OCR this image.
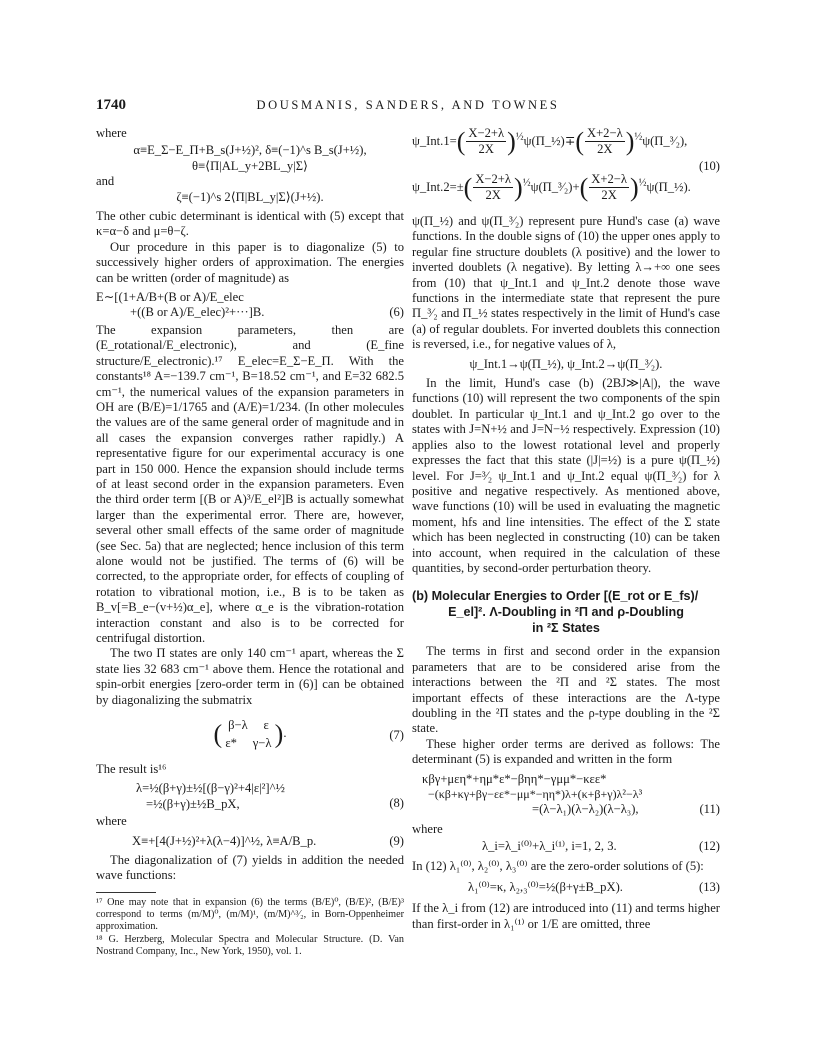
1740	DOUSMANIS, SANDERS, AND TOWNES

where

α≡E_Σ−E_Π+B_s(J+½)², δ≡(−1)^s B_s(J+½),

θ≡⟨Π|AL_y+2BL_y|Σ⟩

and

ζ≡(−1)^s 2⟨Π|BL_y|Σ⟩(J+½).

The other cubic determinant is identical with (5) except that κ=α−δ and μ=θ−ζ.

Our procedure in this paper is to diagonalize (5) to successively higher orders of approximation. The energies can be written (order of magnitude) as

E∼[(1+A/B+(B or A)/E_elec
+((B or A)/E_elec)²+···]B.	(6)

The expansion parameters, then are (E_rotational/E_electronic), and (E_fine structure/E_electronic).¹⁷ E_elec=E_Σ−E_Π. With the constants¹⁸ A=−139.7 cm⁻¹, B=18.52 cm⁻¹, and E=32 682.5 cm⁻¹, the numerical values of the expansion parameters in OH are (B/E)=1/1765 and (A/E)=1/234. (In other molecules the values are of the same general order of magnitude and in all cases the expansion converges rather rapidly.) A representative figure for our experimental accuracy is one part in 150 000. Hence the expansion should include terms of at least second order in the expansion parameters. Even the third order term [(B or A)³/E_el²]B is actually somewhat larger than the experimental error. There are, however, several other small effects of the same order of magnitude (see Sec. 5a) that are neglected; hence inclusion of this term alone would not be justified. The terms of (6) will be corrected, to the appropriate order, for effects of coupling of rotation to vibrational motion, i.e., B is to be taken as B_v[=B_e−(v+½)α_e], where α_e is the vibration-rotation interaction constant and also is to be corrected for centrifugal distortion.

The two Π states are only 140 cm⁻¹ apart, whereas the Σ state lies 32 683 cm⁻¹ above them. Hence the rotational and spin-orbit energies [zero-order term in (6)] can be obtained by diagonalizing the submatrix

( β−λ ε
ε* γ−λ ).	(7)

The result is¹⁶

λ=½(β+γ)±½[(β−γ)²+4|ε|²]^½
=½(β+γ)±½B_pX,	(8)

where

X≡+[4(J+½)²+λ(λ−4)]^½, λ≡A/B_p.	(9)

The diagonalization of (7) yields in addition the needed wave functions:

¹⁷ One may note that in expansion (6) the terms (B/E)⁰, (B/E)², (B/E)³ correspond to terms (m/M)⁰, (m/M)¹, (m/M)^³⁄₂, in Born-Oppenheimer approximation.

¹⁸ G. Herzberg, Molecular Spectra and Molecular Structure. (D. Van Nostrand Company, Inc., New York, 1950), vol. 1.

ψ_Int.1=( $\frac{X-2+\lambda}{2X}$ )$^{\frac{1}{2}}$ψ(Π_½)∓( $\frac{X+2-\lambda}{2X}$ )$^{\frac{1}{2}}$ψ(Π_³⁄₂),
(10)
ψ_Int.2=±( $\frac{X-2+\lambda}{2X}$ )$^{\frac{1}{2}}$ψ(Π_³⁄₂)+( $\frac{X+2-\lambda}{2X}$ )$^{\frac{1}{2}}$ψ(Π_½).

ψ(Π_½) and ψ(Π_³⁄₂) represent pure Hund's case (a) wave functions. In the double signs of (10) the upper ones apply to regular fine structure doublets (λ positive) and the lower to inverted doublets (λ negative). By letting λ→+∞ one sees from (10) that ψ_Int.1 and ψ_Int.2 denote those wave functions in the intermediate state that represent the pure Π_³⁄₂ and Π_½ states respectively in the limit of Hund's case (a) of regular doublets. For inverted doublets this connection is reversed, i.e., for negative values of λ,

ψ_Int.1→ψ(Π_½), ψ_Int.2→ψ(Π_³⁄₂).

In the limit, Hund's case (b) (2BJ≫|A|), the wave functions (10) will represent the two components of the spin doublet. In particular ψ_Int.1 and ψ_Int.2 go over to the states with J=N+½ and J=N−½ respectively. Expression (10) applies also to the lowest rotational level and properly expresses the fact that this state (|J|=½) is a pure ψ(Π_½) level. For J=³⁄₂ ψ_Int.1 and ψ_Int.2 equal ψ(Π_³⁄₂) for λ positive and negative respectively. As mentioned above, wave functions (10) will be used in evaluating the magnetic moment, hfs and line intensities. The effect of the Σ state which has been neglected in constructing (10) can be taken into account, when required in the calculation of these quantities, by second-order perturbation theory.

(b) Molecular Energies to Order [(E_rot or E_fs)/
E_el]². Λ-Doubling in ²Π and ρ-Doubling
in ²Σ States

The terms in first and second order in the expansion parameters that are to be considered arise from the interactions between the ²Π and ²Σ states. The most important effects of these interactions are the Λ-type doubling in the ²Π states and the ρ-type doubling in the ²Σ state.

These higher order terms are derived as follows: The determinant (5) is expanded and written in the form

κβγ+μεη*+ημ*ε*−βηη*−γμμ*−κεε*
−(κβ+κγ+βγ−εε*−μμ*−ηη*)λ+(κ+β+γ)λ²−λ³
=(λ−λ₁)(λ−λ₂)(λ−λ₃),	(11)

where

λ_i=λ_i⁽⁰⁾+λ_i⁽¹⁾, i=1, 2, 3.	(12)

In (12) λ₁⁽⁰⁾, λ₂⁽⁰⁾, λ₃⁽⁰⁾ are the zero-order solutions of (5):

λ₁⁽⁰⁾=κ, λ₂,₃⁽⁰⁾=½(β+γ±B_pX).	(13)

If the λ_i from (12) are introduced into (11) and terms higher than first-order in λ₁⁽¹⁾ or 1/E are omitted, three
